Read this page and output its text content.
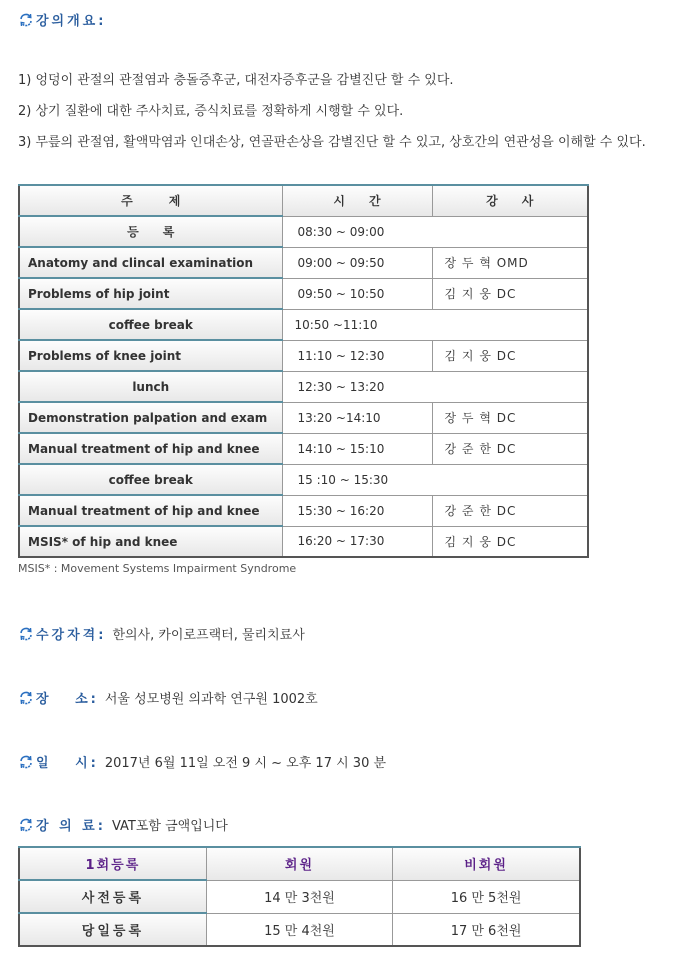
강의개요:
1) 엉덩이 관절의 관절염과 충돌증후군, 대전자증후군을 감별진단 할 수 있다.
2) 상기 질환에 대한 주사치료, 증식치료를 정확하게 시행할 수 있다.
3) 무릎의 관절염, 활액막염과 인대손상, 연골판손상을 감별진단 할 수 있고, 상호간의 연관성을 이해할 수 있다.
주　　　제	시　　간	강　　사
등　　록	08:30 ~ 09:00	
Anatomy and clincal examination	09:00 ~ 09:50	장 두 혁 OMD
Problems of hip joint	09:50 ~ 10:50	김 지 웅 DC
coffee break	10:50 ~11:10	
Problems of knee joint	11:10 ~ 12:30	김 지 웅 DC
lunch	12:30 ~ 13:20	
Demonstration palpation and exam	13:20 ~14:10	장 두 혁 DC
Manual treatment of hip and knee	14:10 ~ 15:10	강 준 한 DC
coffee break	15 :10 ~ 15:30	
Manual treatment of hip and knee	15:30 ~ 16:20	강 준 한 DC
MSIS* of hip and knee	16:20 ~ 17:30	김 지 웅 DC
MSIS* : Movement Systems Impairment Syndrome
수강자격: 한의사, 카이로프랙터, 물리치료사
장　 소: 서울 성모병원 의과학 연구원 1002호
일　 시: 2017년 6월 11일 오전 9 시 ~ 오후 17 시 30 분
강 의 료: VAT포함 금액입니다
1회등록	회원	비회원
사전등록	14 만 3천원	16 만 5천원
당일등록	15 만 4천원	17 만 6천원
